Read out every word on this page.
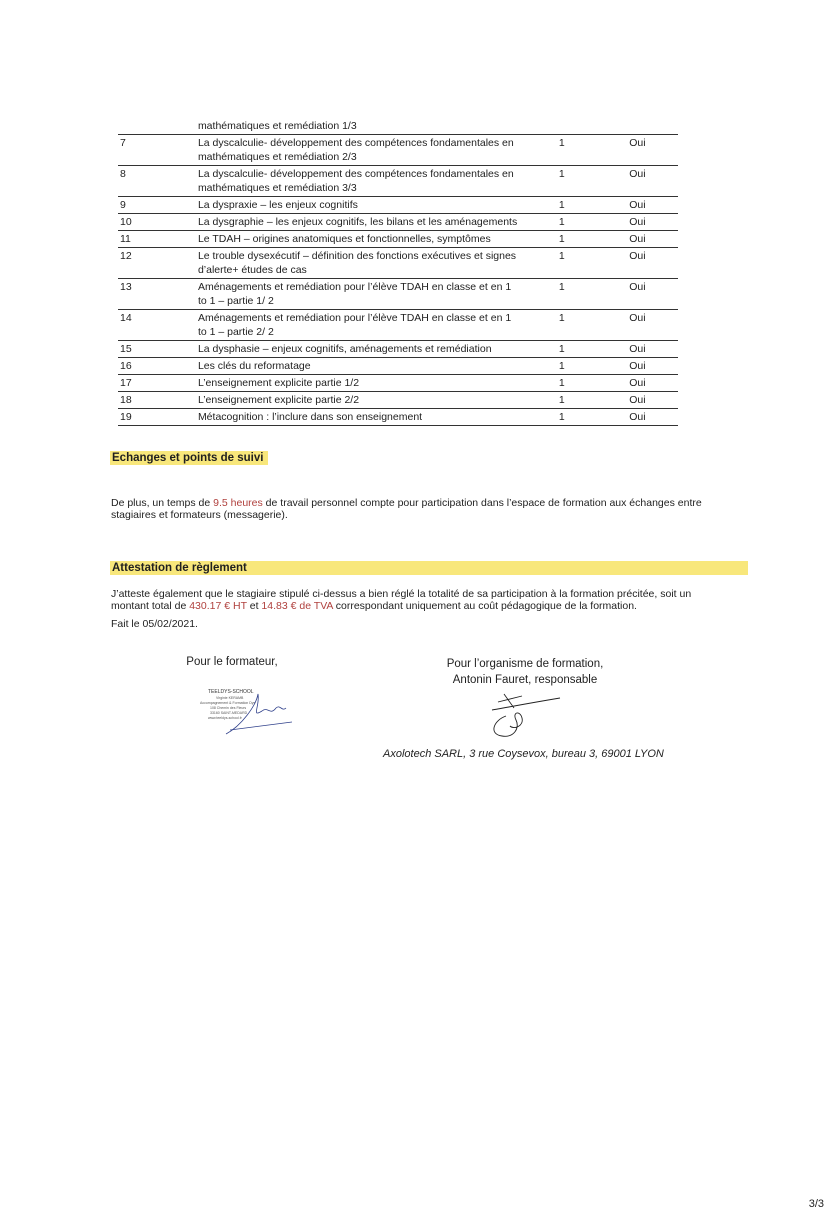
mathématiques et remédiation 1/3
7	La dyscalculie- développement des compétences fondamentales en
mathématiques et remédiation 2/3
1	Oui
8	La dyscalculie- développement des compétences fondamentales en
mathématiques et remédiation 3/3
1	Oui
9	La dyspraxie – les enjeux cognitifs	1	Oui
10	La dysgraphie – les enjeux cognitifs, les bilans et les aménagements	1	Oui
11	Le TDAH – origines anatomiques et fonctionnelles, symptômes	1	Oui
12	Le trouble dysexécutif – définition des fonctions exécutives et signes
d’alerte+ études de cas
1	Oui
13	Aménagements et remédiation pour l’élève TDAH en classe et en 1
to 1 – partie 1/ 2
1	Oui
14	Aménagements et remédiation pour l’élève TDAH en classe et en 1
to 1 – partie 2/ 2
1	Oui
15	La dysphasie – enjeux cognitifs, aménagements et remédiation	1	Oui
16	Les clés du reformatage	1	Oui
17	L’enseignement explicite partie 1/2	1	Oui
18	L’enseignement explicite partie 2/2	1	Oui
19	Métacognition : l’inclure dans son enseignement	1	Oui
Echanges et points de suivi
De plus, un temps de 9.5 heures de travail personnel compte pour participation dans l’espace de formation aux échanges entre
stagiaires et formateurs (messagerie).
Attestation de règlement
J’atteste également que le stagiaire stipulé ci-dessus a bien réglé la totalité de sa participation à la formation précitée, soit un
montant total de 430.17 € HT et 14.83 € de TVA correspondant uniquement au coût pédagogique de la formation.
Fait le 05/02/2021.
Pour le formateur,	Pour l’organisme de formation,
Antonin Fauret, responsable
TEELDYS-SCHOOL
Virginie KERAMB
Accompagnement & Formation Dys
108 Chemin des Fleurs
33160 SAINT-MEDARD
www.teeldys-school.fr
Axolotech SARL, 3 rue Coysevox, bureau 3, 69001 LYON
3/3
